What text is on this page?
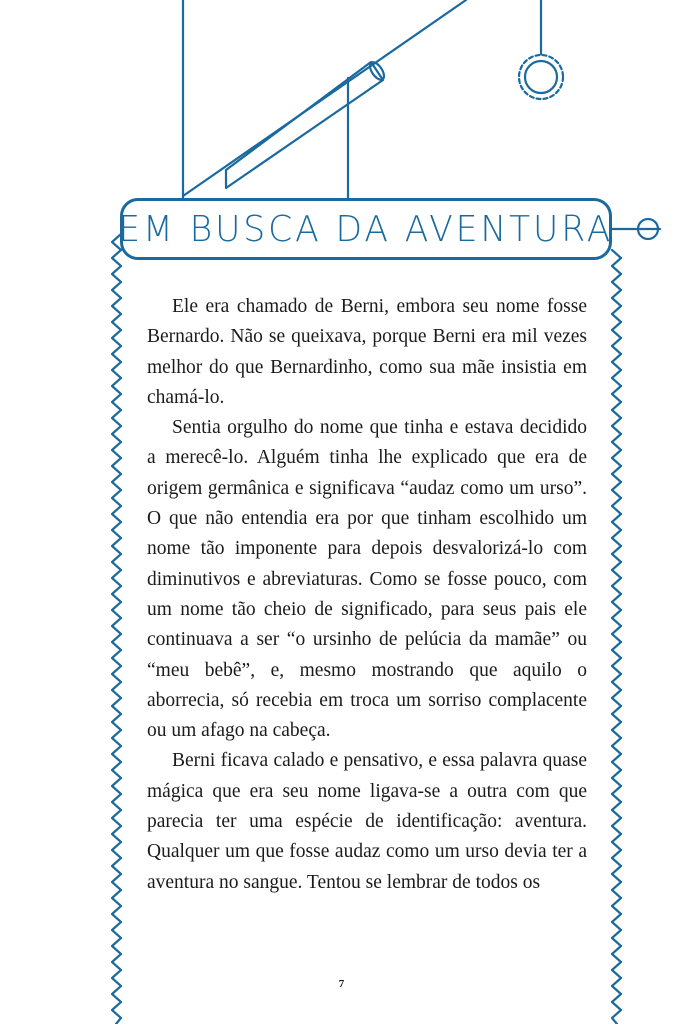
EM BUSCA DA AVENTURA

Ele era chamado de Berni, embora seu nome fosse Bernardo. Não se queixava, porque Berni era mil vezes melhor do que Bernardinho, como sua mãe insistia em chamá-lo.

Sentia orgulho do nome que tinha e estava decidido a merecê-lo. Alguém tinha lhe explicado que era de origem germânica e significava “audaz como um urso”. O que não entendia era por que tinham escolhido um nome tão imponente para depois desvalorizá-lo com diminutivos e abreviaturas. Como se fosse pouco, com um nome tão cheio de significado, para seus pais ele continuava a ser “o ursinho de pelúcia da mamãe” ou “meu bebê”, e, mesmo mostrando que aquilo o aborrecia, só recebia em troca um sorriso complacente ou um afago na cabeça.

Berni ficava calado e pensativo, e essa palavra quase mágica que era seu nome ligava-se a outra com que parecia ter uma espécie de identificação: aventura. Qualquer um que fosse audaz como um urso devia ter a aventura no sangue. Tentou se lembrar de todos os

7
